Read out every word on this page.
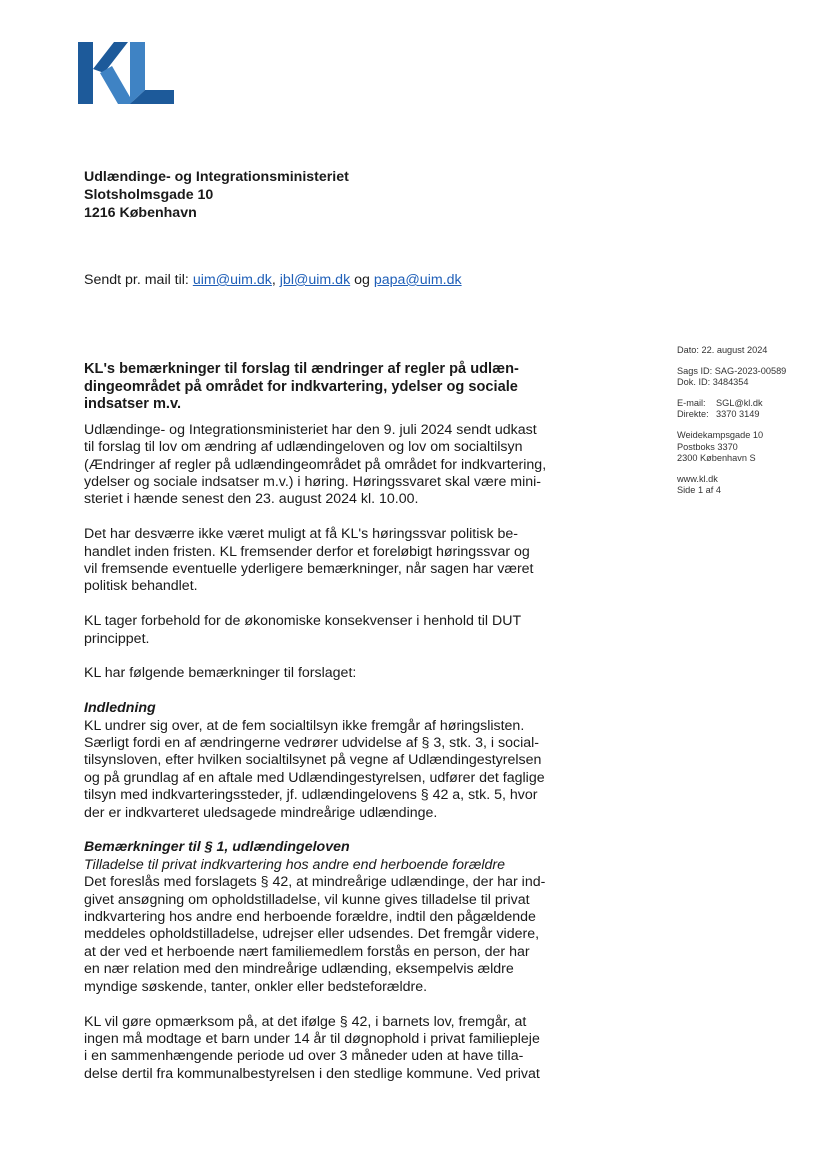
Udlændinge- og Integrationsministeriet
Slotsholmsgade 10
1216 København
Sendt pr. mail til: uim@uim.dk, jbl@uim.dk og papa@uim.dk
Dato: 22. august 2024
Sags ID: SAG-2023-00589
Dok. ID: 3484354
E-mail: SGL@kl.dk
Direkte: 3370 3149
Weidekampsgade 10
Postboks 3370
2300 København S
www.kl.dk
Side 1 af 4
KL's bemærkninger til forslag til ændringer af regler på udlæn-
dingeområdet på området for indkvartering, ydelser og sociale
indsatser m.v.
Udlændinge- og Integrationsministeriet har den 9. juli 2024 sendt udkast
til forslag til lov om ændring af udlændingeloven og lov om socialtilsyn
(Ændringer af regler på udlændingeområdet på området for indkvartering,
ydelser og sociale indsatser m.v.) i høring. Høringssvaret skal være mini-
steriet i hænde senest den 23. august 2024 kl. 10.00.
Det har desværre ikke været muligt at få KL's høringssvar politisk be-
handlet inden fristen. KL fremsender derfor et foreløbigt høringssvar og
vil fremsende eventuelle yderligere bemærkninger, når sagen har været
politisk behandlet.
KL tager forbehold for de økonomiske konsekvenser i henhold til DUT
princippet.
KL har følgende bemærkninger til forslaget:
Indledning
KL undrer sig over, at de fem socialtilsyn ikke fremgår af høringslisten.
Særligt fordi en af ændringerne vedrører udvidelse af § 3, stk. 3, i social-
tilsynsloven, efter hvilken socialtilsynet på vegne af Udlændingestyrelsen
og på grundlag af en aftale med Udlændingestyrelsen, udfører det faglige
tilsyn med indkvarteringssteder, jf. udlændingelovens § 42 a, stk. 5, hvor
der er indkvarteret uledsagede mindreårige udlændinge.
Bemærkninger til § 1, udlændingeloven
Tilladelse til privat indkvartering hos andre end herboende forældre
Det foreslås med forslagets § 42, at mindreårige udlændinge, der har ind-
givet ansøgning om opholdstilladelse, vil kunne gives tilladelse til privat
indkvartering hos andre end herboende forældre, indtil den pågældende
meddeles opholdstilladelse, udrejser eller udsendes. Det fremgår videre,
at der ved et herboende nært familiemedlem forstås en person, der har
en nær relation med den mindreårige udlænding, eksempelvis ældre
myndige søskende, tanter, onkler eller bedsteforældre.
KL vil gøre opmærksom på, at det ifølge § 42, i barnets lov, fremgår, at
ingen må modtage et barn under 14 år til døgnophold i privat familiepleje
i en sammenhængende periode ud over 3 måneder uden at have tilla-
delse dertil fra kommunalbestyrelsen i den stedlige kommune. Ved privat
